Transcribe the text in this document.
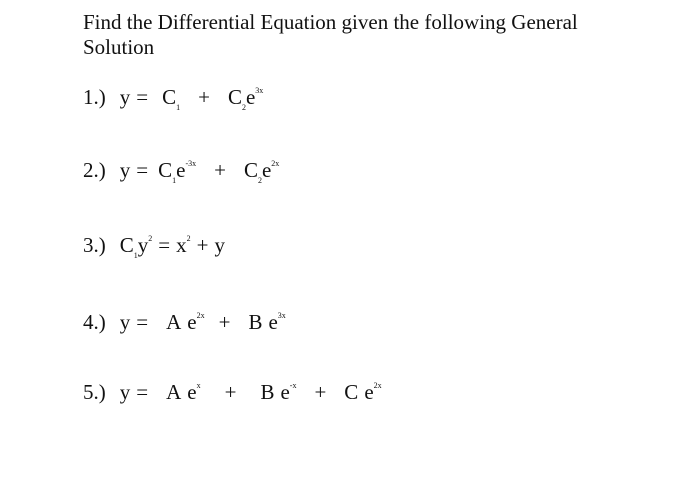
Find the Differential Equation given the following General Solution
1.) $y = C_1 + C_2e^{3x}$
2.) $y = C_1e^{-3x} + C_2e^{2x}$
3.) $C_1y^2 = x^2 + y$
4.) y = A $e^{2x} + B$ $e^{3x}$
5.) y = A $e^x + B$ $e^{-x} + C$ $e^{2x}$
